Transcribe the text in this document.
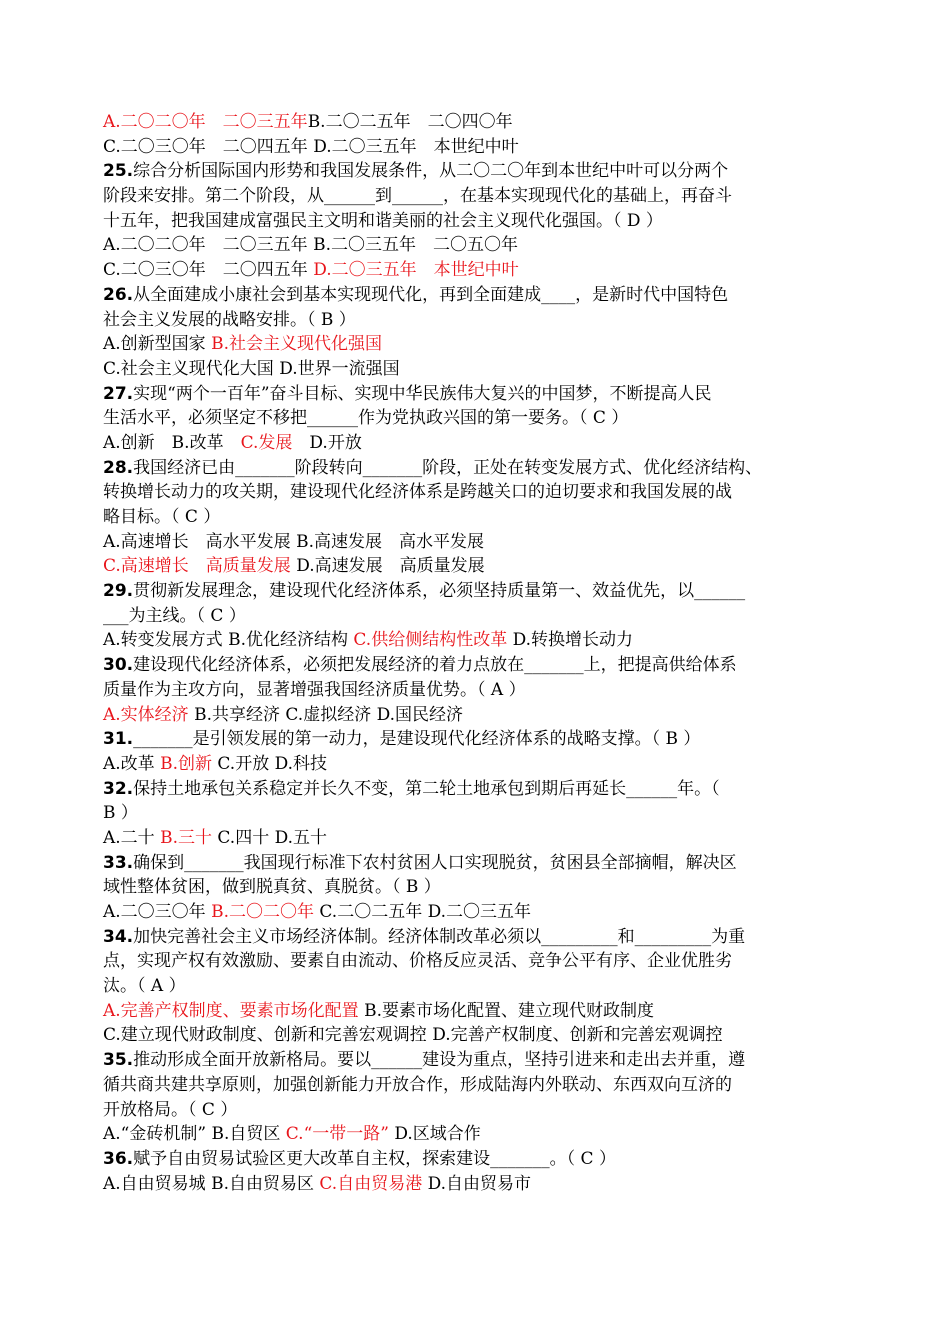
A.二〇二〇年　二〇三五年B.二〇二五年　二〇四〇年
C.二〇三〇年　二〇四五年 D.二〇三五年　本世纪中叶
25.综合分析国际国内形势和我国发展条件，从二〇二〇年到本世纪中叶可以分两个
阶段来安排。第二个阶段，从______到______，在基本实现现代化的基础上，再奋斗
十五年，把我国建成富强民主文明和谐美丽的社会主义现代化强国。（ D ）
A.二〇二〇年　二〇三五年 B.二〇三五年　二〇五〇年
C.二〇三〇年　二〇四五年 D.二〇三五年　本世纪中叶
26.从全面建成小康社会到基本实现现代化，再到全面建成____，是新时代中国特色
社会主义发展的战略安排。（ B ）
A.创新型国家 B.社会主义现代化强国
C.社会主义现代化大国 D.世界一流强国
27.实现“两个一百年”奋斗目标、实现中华民族伟大复兴的中国梦，不断提高人民
生活水平，必须坚定不移把______作为党执政兴国的第一要务。（ C ）
A.创新　B.改革　C.发展　D.开放
28.我国经济已由_______阶段转向_______阶段，正处在转变发展方式、优化经济结构、
转换增长动力的攻关期，建设现代化经济体系是跨越关口的迫切要求和我国发展的战
略目标。（ C ）
A.高速增长　高水平发展 B.高速发展　高水平发展
C.高速增长　高质量发展 D.高速发展　高质量发展
29.贯彻新发展理念，建设现代化经济体系，必须坚持质量第一、效益优先，以______
___为主线。（ C ）
A.转变发展方式 B.优化经济结构 C.供给侧结构性改革 D.转换增长动力
30.建设现代化经济体系，必须把发展经济的着力点放在_______上，把提高供给体系
质量作为主攻方向，显著增强我国经济质量优势。（ A ）
A.实体经济 B.共享经济 C.虚拟经济 D.国民经济
31._______是引领发展的第一动力，是建设现代化经济体系的战略支撑。（ B ）
A.改革 B.创新 C.开放 D.科技
32.保持土地承包关系稳定并长久不变，第二轮土地承包到期后再延长______年。（
B ）
A.二十 B.三十 C.四十 D.五十
33.确保到_______我国现行标准下农村贫困人口实现脱贫，贫困县全部摘帽，解决区
域性整体贫困，做到脱真贫、真脱贫。（ B ）
A.二〇三〇年 B.二〇二〇年 C.二〇二五年 D.二〇三五年
34.加快完善社会主义市场经济体制。经济体制改革必须以_________和_________为重
点，实现产权有效激励、要素自由流动、价格反应灵活、竞争公平有序、企业优胜劣
汰。（ A ）
A.完善产权制度、要素市场化配置 B.要素市场化配置、建立现代财政制度
C.建立现代财政制度、创新和完善宏观调控 D.完善产权制度、创新和完善宏观调控
35.推动形成全面开放新格局。要以______建设为重点，坚持引进来和走出去并重，遵
循共商共建共享原则，加强创新能力开放合作，形成陆海内外联动、东西双向互济的
开放格局。（ C ）
A.“金砖机制” B.自贸区 C.“一带一路” D.区域合作
36.赋予自由贸易试验区更大改革自主权，探索建设_______。（ C ）
A.自由贸易城 B.自由贸易区 C.自由贸易港 D.自由贸易市
